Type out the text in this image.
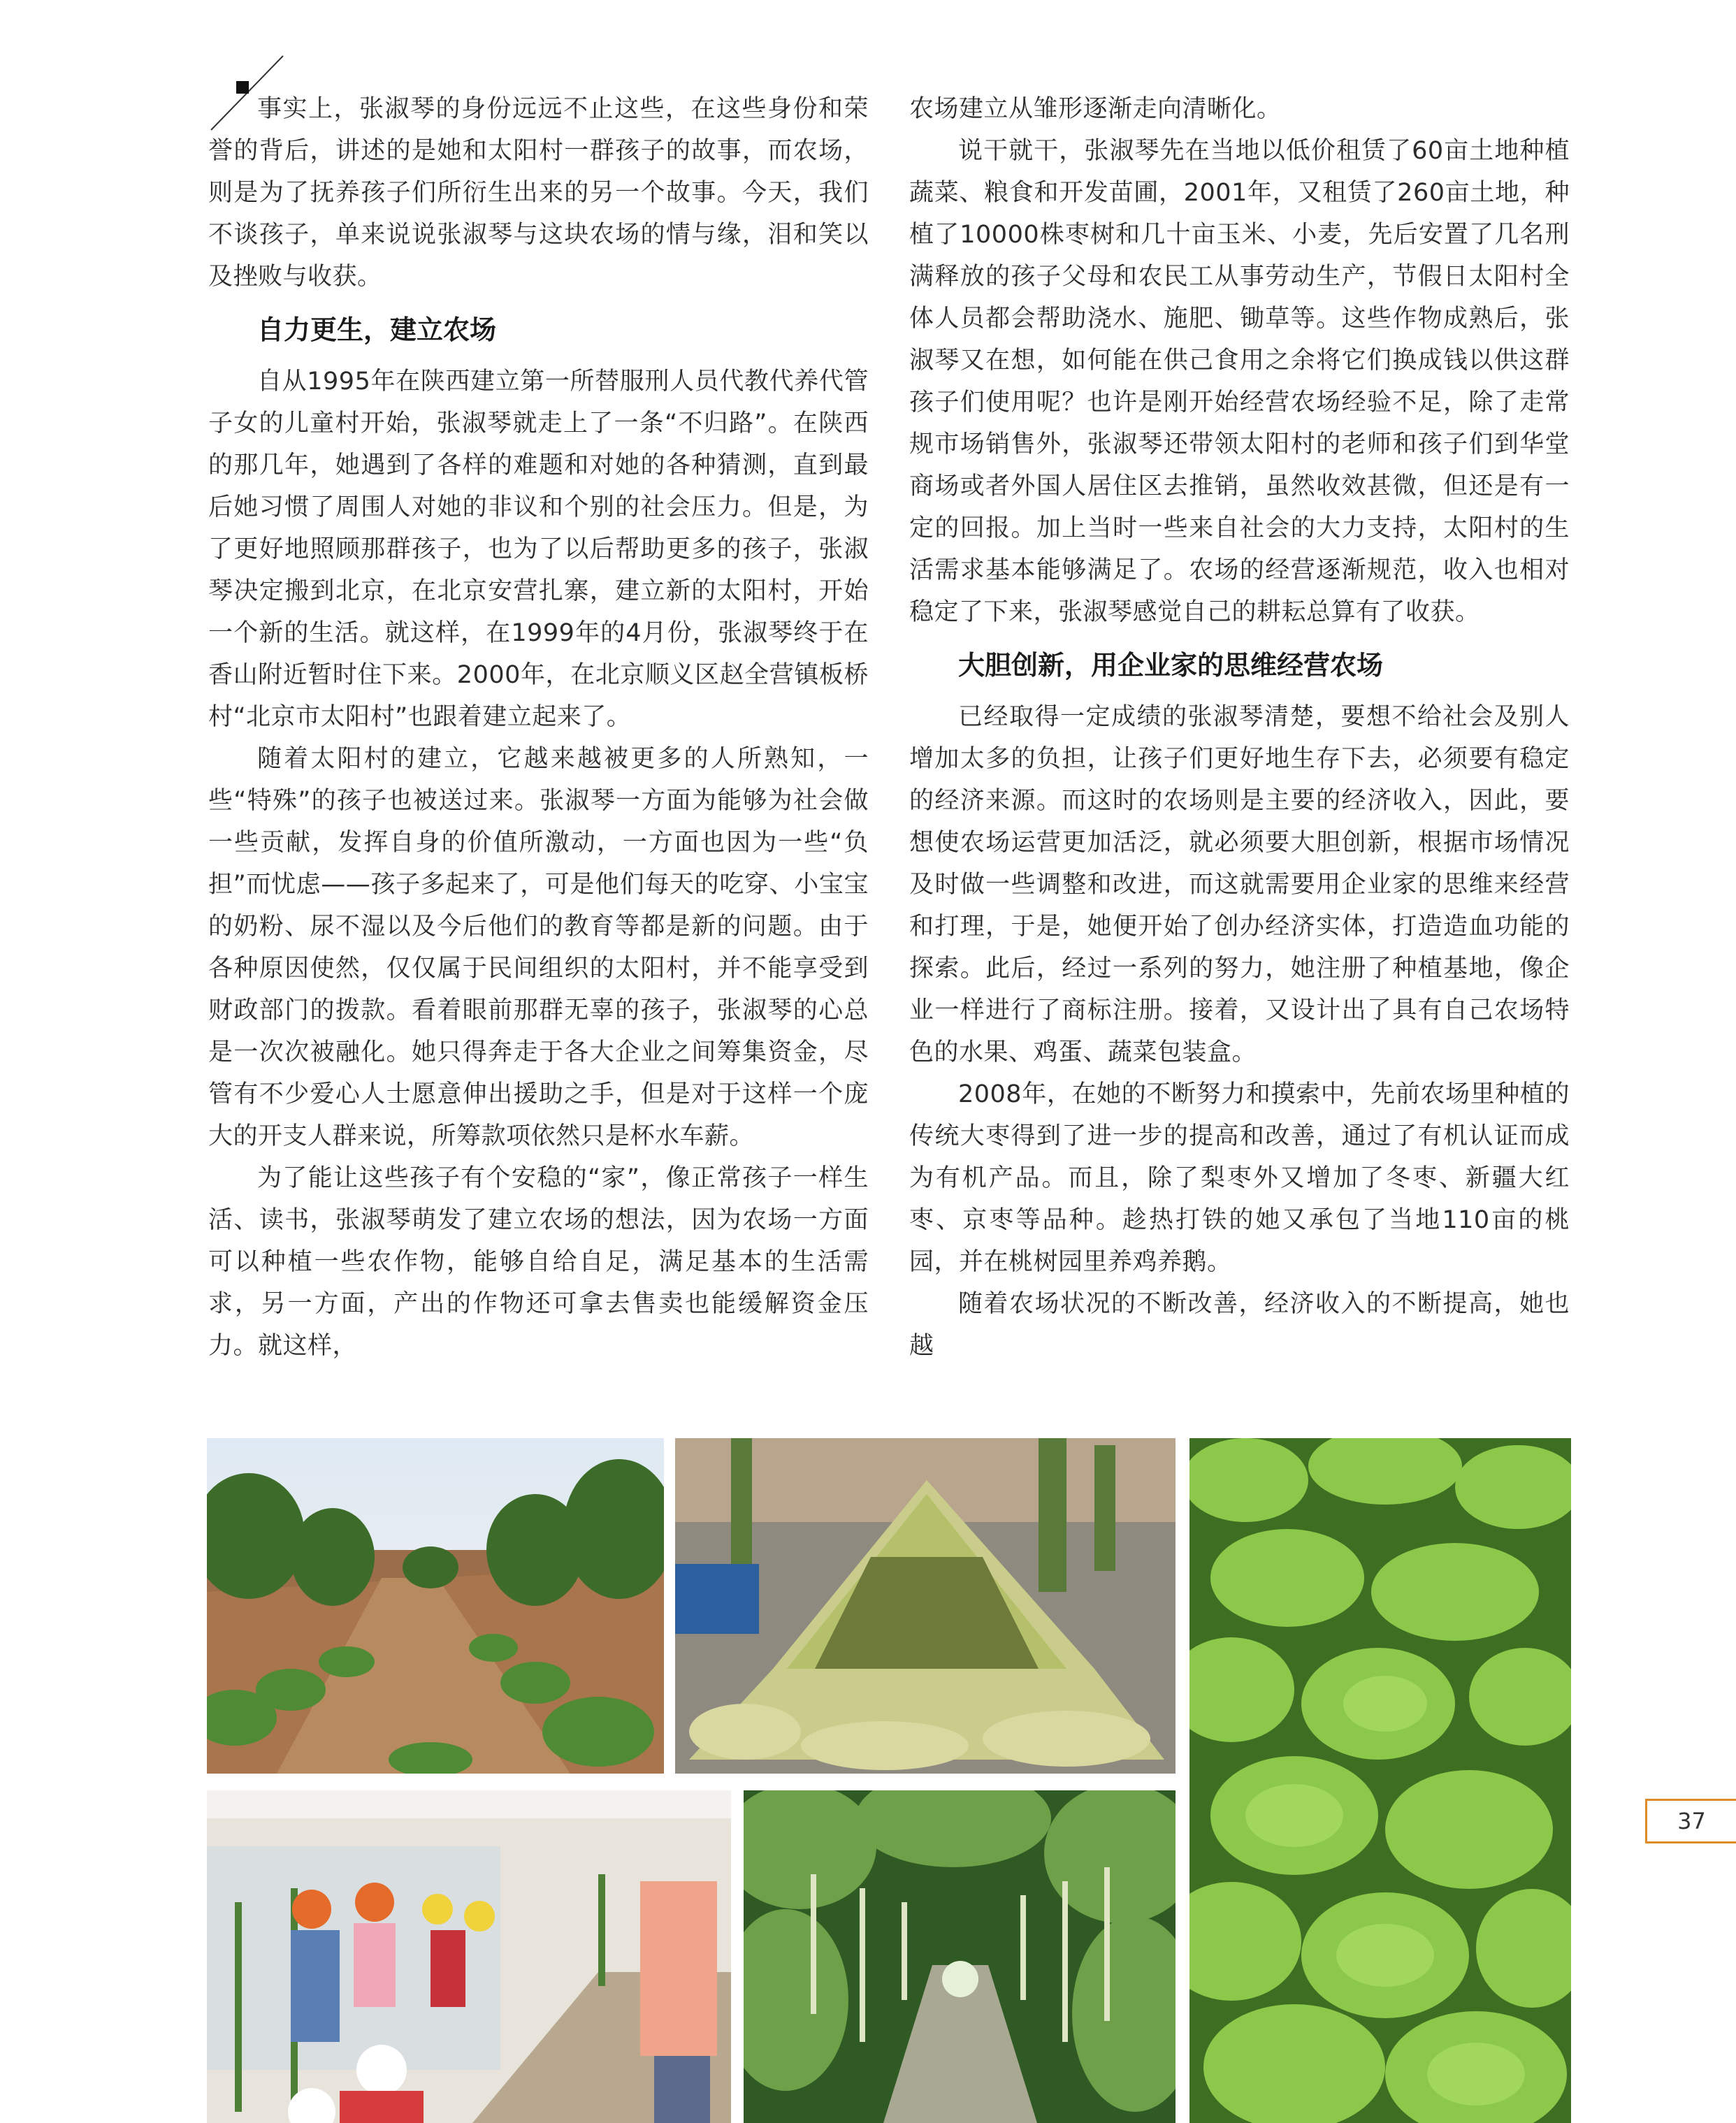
事实上，张淑琴的身份远远不止这些，在这些身份和荣誉的背后，讲述的是她和太阳村一群孩子的故事，而农场，则是为了抚养孩子们所衍生出来的另一个故事。今天，我们不谈孩子，单来说说张淑琴与这块农场的情与缘，泪和笑以及挫败与收获。

自力更生，建立农场

自从1995年在陕西建立第一所替服刑人员代教代养代管子女的儿童村开始，张淑琴就走上了一条“不归路”。在陕西的那几年，她遇到了各样的难题和对她的各种猜测，直到最后她习惯了周围人对她的非议和个别的社会压力。但是，为了更好地照顾那群孩子，也为了以后帮助更多的孩子，张淑琴决定搬到北京，在北京安营扎寨，建立新的太阳村，开始一个新的生活。就这样，在1999年的4月份，张淑琴终于在香山附近暂时住下来。2000年，在北京顺义区赵全营镇板桥村“北京市太阳村”也跟着建立起来了。

随着太阳村的建立，它越来越被更多的人所熟知，一些“特殊”的孩子也被送过来。张淑琴一方面为能够为社会做一些贡献，发挥自身的价值所激动，一方面也因为一些“负担”而忧虑——孩子多起来了，可是他们每天的吃穿、小宝宝的奶粉、尿不湿以及今后他们的教育等都是新的问题。由于各种原因使然，仅仅属于民间组织的太阳村，并不能享受到财政部门的拨款。看着眼前那群无辜的孩子，张淑琴的心总是一次次被融化。她只得奔走于各大企业之间筹集资金，尽管有不少爱心人士愿意伸出援助之手，但是对于这样一个庞大的开支人群来说，所筹款项依然只是杯水车薪。

为了能让这些孩子有个安稳的“家”，像正常孩子一样生活、读书，张淑琴萌发了建立农场的想法，因为农场一方面可以种植一些农作物，能够自给自足，满足基本的生活需求，另一方面，产出的作物还可拿去售卖也能缓解资金压力。就这样，

农场建立从雏形逐渐走向清晰化。

说干就干，张淑琴先在当地以低价租赁了60亩土地种植蔬菜、粮食和开发苗圃，2001年，又租赁了260亩土地，种植了10000株枣树和几十亩玉米、小麦，先后安置了几名刑满释放的孩子父母和农民工从事劳动生产，节假日太阳村全体人员都会帮助浇水、施肥、锄草等。这些作物成熟后，张淑琴又在想，如何能在供己食用之余将它们换成钱以供这群孩子们使用呢？也许是刚开始经营农场经验不足，除了走常规市场销售外，张淑琴还带领太阳村的老师和孩子们到华堂商场或者外国人居住区去推销，虽然收效甚微，但还是有一定的回报。加上当时一些来自社会的大力支持，太阳村的生活需求基本能够满足了。农场的经营逐渐规范，收入也相对稳定了下来，张淑琴感觉自己的耕耘总算有了收获。

大胆创新，用企业家的思维经营农场

已经取得一定成绩的张淑琴清楚，要想不给社会及别人增加太多的负担，让孩子们更好地生存下去，必须要有稳定的经济来源。而这时的农场则是主要的经济收入，因此，要想使农场运营更加活泛，就必须要大胆创新，根据市场情况及时做一些调整和改进，而这就需要用企业家的思维来经营和打理，于是，她便开始了创办经济实体，打造造血功能的探索。此后，经过一系列的努力，她注册了种植基地，像企业一样进行了商标注册。接着，又设计出了具有自己农场特色的水果、鸡蛋、蔬菜包装盒。

2008年，在她的不断努力和摸索中，先前农场里种植的传统大枣得到了进一步的提高和改善，通过了有机认证而成为有机产品。而且，除了梨枣外又增加了冬枣、新疆大红枣、京枣等品种。趁热打铁的她又承包了当地110亩的桃园，并在桃树园里养鸡养鹅。

随着农场状况的不断改善，经济收入的不断提高，她也越

37
